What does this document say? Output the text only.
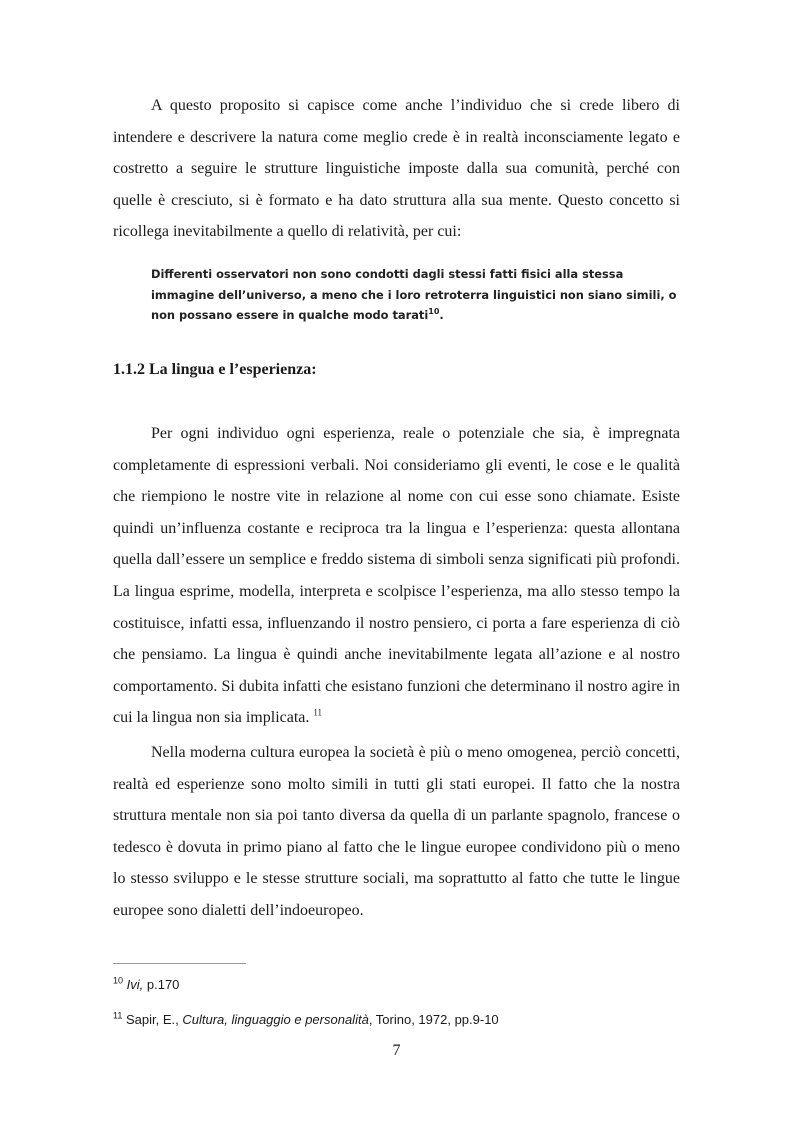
A questo proposito si capisce come anche l’individuo che si crede libero di intendere e descrivere la natura come meglio crede è in realtà inconsciamente legato e costretto a seguire le strutture linguistiche imposte dalla sua comunità, perché con quelle è cresciuto, si è formato e ha dato struttura alla sua mente. Questo concetto si ricollega inevitabilmente a quello di relatività, per cui:

Differenti osservatori non sono condotti dagli stessi fatti fisici alla stessa immagine dell’universo, a meno che i loro retroterra linguistici non siano simili, o non possano essere in qualche modo tarati$^{10}$.

1.1.2 La lingua e l’esperienza:

Per ogni individuo ogni esperienza, reale o potenziale che sia, è impregnata completamente di espressioni verbali. Noi consideriamo gli eventi, le cose e le qualità che riempiono le nostre vite in relazione al nome con cui esse sono chiamate. Esiste quindi un’influenza costante e reciproca tra la lingua e l’esperienza: questa allontana quella dall’essere un semplice e freddo sistema di simboli senza significati più profondi. La lingua esprime, modella, interpreta e scolpisce l’esperienza, ma allo stesso tempo la costituisce, infatti essa, influenzando il nostro pensiero, ci porta a fare esperienza di ciò che pensiamo. La lingua è quindi anche inevitabilmente legata all’azione e al nostro comportamento. Si dubita infatti che esistano funzioni che determinano il nostro agire in cui la lingua non sia implicata. $^{11}$

Nella moderna cultura europea la società è più o meno omogenea, perciò concetti, realtà ed esperienze sono molto simili in tutti gli stati europei. Il fatto che la nostra struttura mentale non sia poi tanto diversa da quella di un parlante spagnolo, francese o tedesco è dovuta in primo piano al fatto che le lingue europee condividono più o meno lo stesso sviluppo e le stesse strutture sociali, ma soprattutto al fatto che tutte le lingue europee sono dialetti dell’indoeuropeo.

$^{10}$ Ivi, p.170

$^{11}$ Sapir, E., Cultura, linguaggio e personalità, Torino, 1972, pp.9-10

7
